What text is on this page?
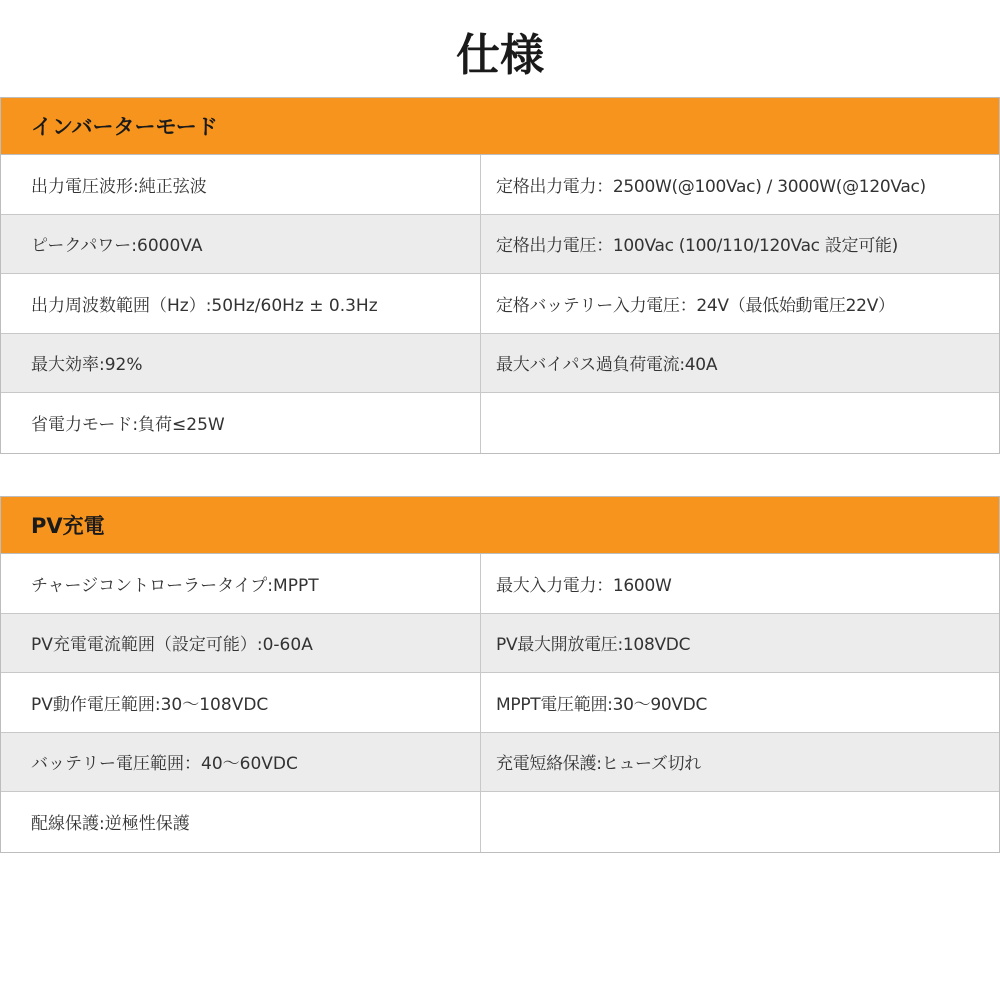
仕様
インバーターモード
出力電圧波形:純正弦波	定格出力電力：2500W(@100Vac) / 3000W(@120Vac)
ピークパワー:6000VA	定格出力電圧：100Vac (100/110/120Vac 設定可能)
出力周波数範囲（Hz）:50Hz/60Hz ± 0.3Hz	定格バッテリー入力電圧：24V（最低始動電圧22V）
最大効率:92%	最大バイパス過負荷電流:40A
省電力モード:負荷≤25W
PV充電
チャージコントローラータイプ:MPPT	最大入力電力：1600W
PV充電電流範囲（設定可能）:0-60A	PV最大開放電圧:108VDC
PV動作電圧範囲:30～108VDC	MPPT電圧範囲:30～90VDC
バッテリー電圧範囲：40～60VDC	充電短絡保護:ヒューズ切れ
配線保護:逆極性保護
